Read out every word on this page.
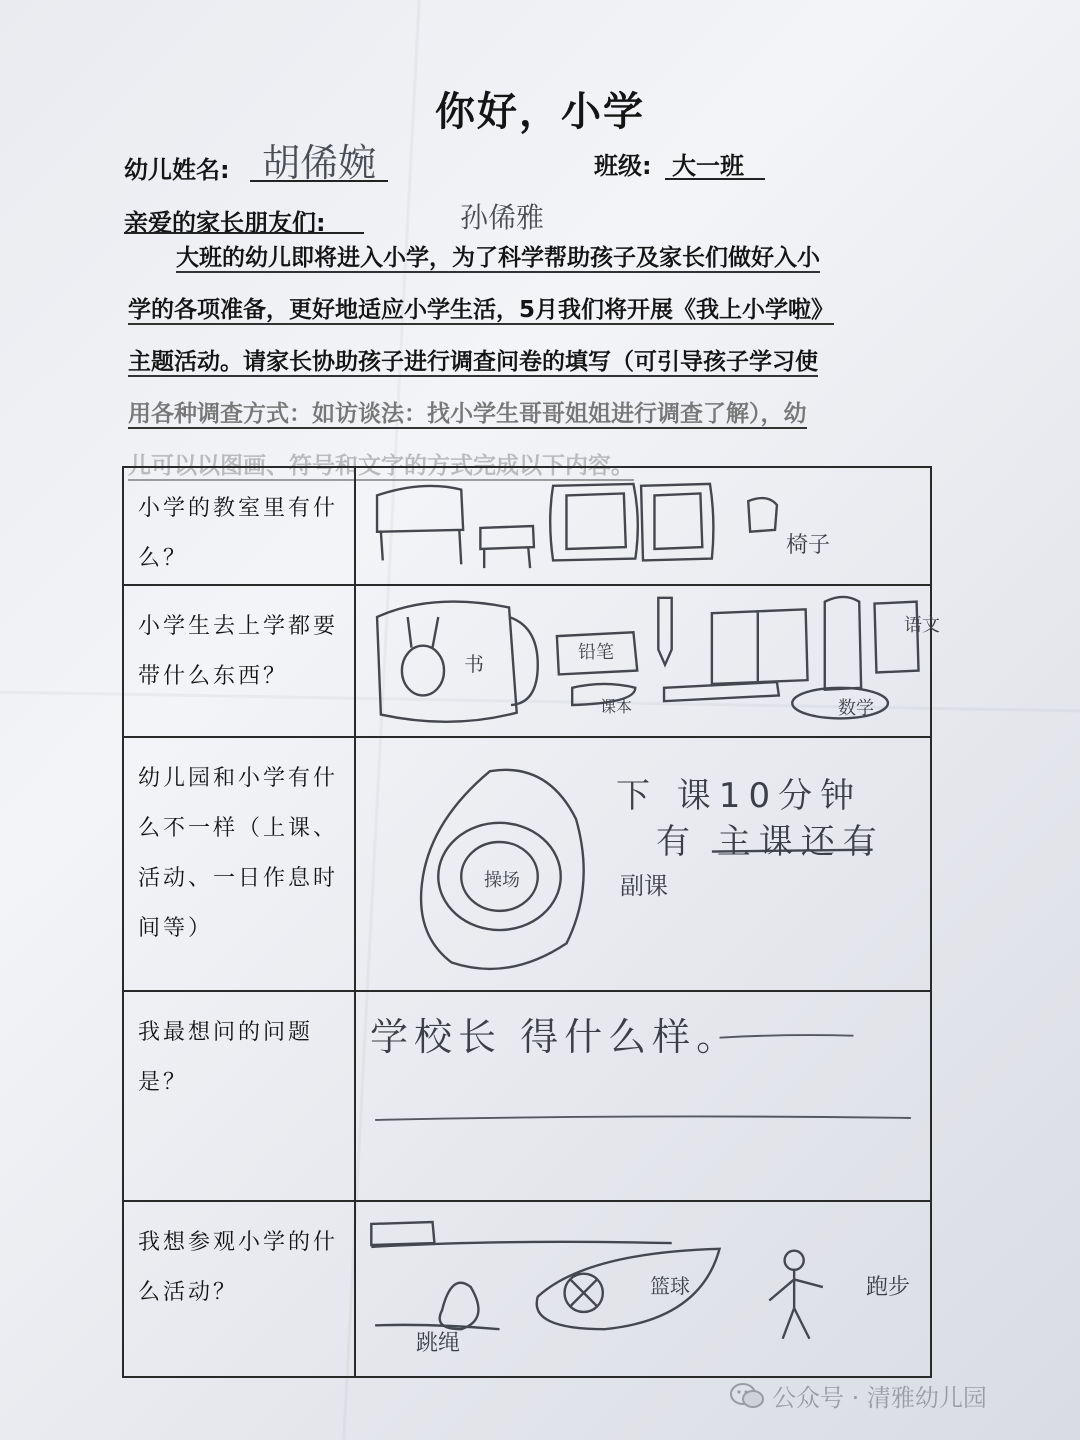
你好，小学
幼儿姓名: 胡俙婉	班级: 大一班
亲爱的家长朋友们:	孙俙雅
大班的幼儿即将进入小学，为了科学帮助孩子及家长们做好入小
学的各项准备，更好地适应小学生活，5月我们将开展《我上小学啦》
主题活动。请家长协助孩子进行调查问卷的填写（可引导孩子学习使
用各种调查方式：如访谈法：找小学生哥哥姐姐进行调查了解），幼
儿可以以图画、符号和文字的方式完成以下内容。
小学的教室里有什么？	椅子

小学生去上学都要带什么东西？	书 铅笔
语文
数学
课本

幼儿园和小学有什么不一样（上课、活动、一日作息时间等）	下 课10分钟
有 主课还有
副课
操场

我最想问的问题是？	学校长 得什么样。

我想参观小学的什么活动？	跳绳
篮球 跑步
公众号 · 清雅幼儿园
